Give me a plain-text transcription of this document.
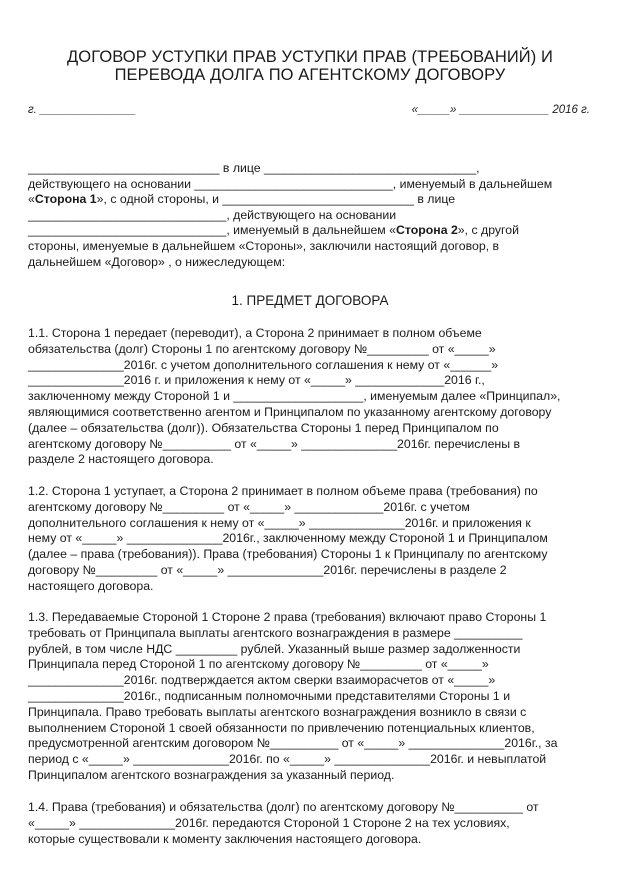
ДОГОВОР УСТУПКИ ПРАВ УСТУПКИ ПРАВ (ТРЕБОВАНИЙ) И
ПЕРЕВОДА ДОЛГА ПО АГЕНТСКОМУ ДОГОВОРУ
г. _______________	«_____» ______________ 2016 г.
____________________________ в лице _______________________________,
действующего на основании _____________________________, именуемый в дальнейшем
«Сторона 1», с одной стороны, и ____________________________ в лице
_____________________________, действующего на основании
_____________________________, именуемый в дальнейшем «Сторона 2», с другой
стороны, именуемые в дальнейшем «Стороны», заключили настоящий договор, в
дальнейшем «Договор» , о нижеследующем:
1. ПРЕДМЕТ ДОГОВОРА
1.1. Сторона 1 передает (переводит), а Сторона 2 принимает в полном объеме
обязательства (долг) Стороны 1 по агентскому договору №_________ от «_____»
______________2016г. с учетом дополнительного соглашения к нему от «______»
______________2016 г. и приложения к нему от «_____» _____________2016 г.,
заключенному между Стороной 1 и ___________________, именуемым далее «Принципал»,
являющимися соответственно агентом и Принципалом по указанному агентскому договору
(далее – обязательства (долг)). Обязательства Стороны 1 перед Принципалом по
агентскому договору №__________ от «_____» ______________2016г. перечислены в
разделе 2 настоящего договора.
1.2. Сторона 1 уступает, а Сторона 2 принимает в полном объеме права (требования) по
агентскому договору №_________ от «_____» _____________2016г. с учетом
дополнительного соглашения к нему от «_____» ______________2016г. и приложения к
нему от «_____» ______________2016г., заключенному между Стороной 1 и Принципалом
(далее – права (требования)). Права (требования) Стороны 1 к Принципалу по агентскому
договору №_________ от «_____» ______________2016г. перечислены в разделе 2
настоящего договора.
1.3. Передаваемые Стороной 1 Стороне 2 права (требования) включают право Стороны 1
требовать от Принципала выплаты агентского вознаграждения в размере __________
рублей, в том числе НДС _________ рублей. Указанный выше размер задолженности
Принципала перед Стороной 1 по агентскому договору №_________ от «_____»
______________2016г. подтверждается актом сверки взаиморасчетов от «_____»
______________2016г., подписанным полномочными представителями Стороны 1 и
Принципала. Право требовать выплаты агентского вознаграждения возникло в связи с
выполнением Стороной 1 своей обязанности по привлечению потенциальных клиентов,
предусмотренной агентским договором №__________ от «_____» ______________2016г., за
период с «_____» ______________2016г. по «_____» ______________2016г. и невыплатой
Принципалом агентского вознаграждения за указанный период.
1.4. Права (требования) и обязательства (долг) по агентскому договору №__________ от
«_____» ______________2016г. передаются Стороной 1 Стороне 2 на тех условиях,
которые существовали к моменту заключения настоящего договора.
